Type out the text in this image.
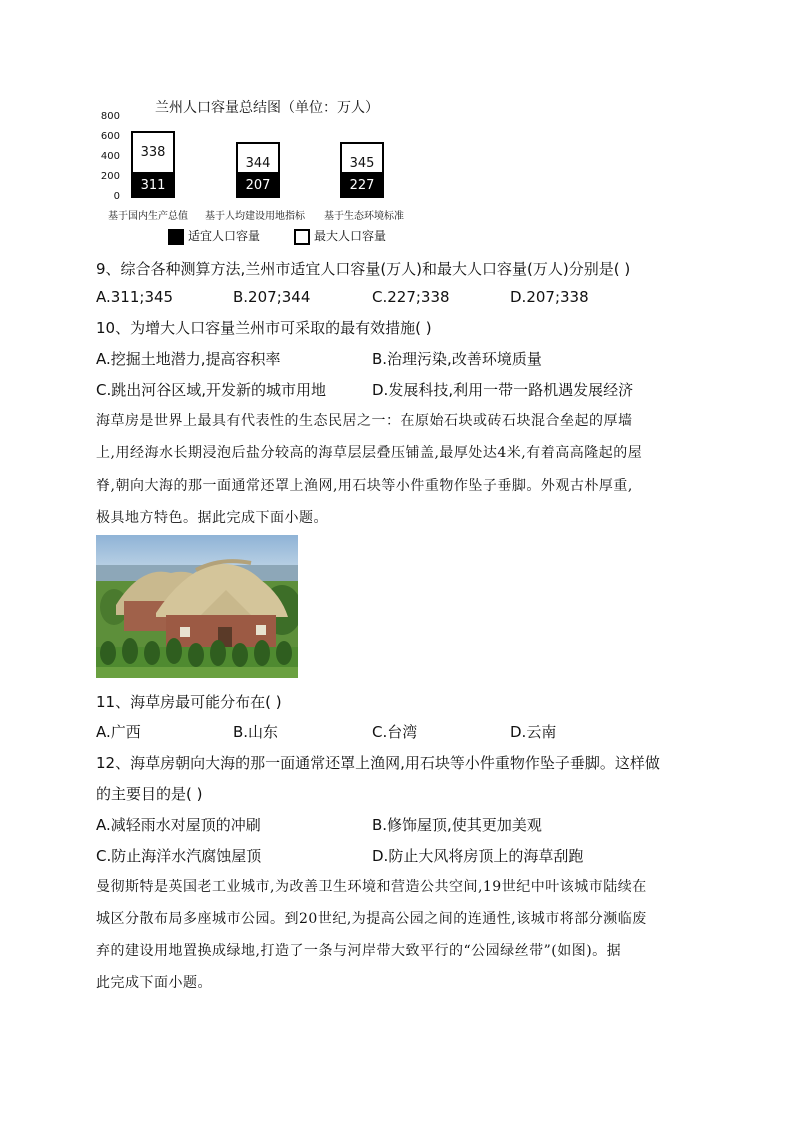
兰州人口容量总结图（单位：万人）
800
600
400
200
0
338
311
344
207
345
227
基于国内生产总值 基于人均建设用地指标 基于生态环境标准
适宜人口容量	最大人口容量
9、综合各种测算方法,兰州市适宜人口容量(万人)和最大人口容量(万人)分别是( )
A.311;345	B.207;344	C.227;338	D.207;338
10、为增大人口容量兰州市可采取的最有效措施( )
A.挖掘土地潜力,提高容积率	B.治理污染,改善环境质量
C.跳出河谷区域,开发新的城市用地	D.发展科技,利用一带一路机遇发展经济
海草房是世界上最具有代表性的生态民居之一：在原始石块或砖石块混合垒起的厚墙
上,用经海水长期浸泡后盐分较高的海草层层叠压铺盖,最厚处达4米,有着高高隆起的屋
脊,朝向大海的那一面通常还罩上渔网,用石块等小件重物作坠子垂脚。外观古朴厚重,
极具地方特色。据此完成下面小题。
11、海草房最可能分布在( )
A.广西	B.山东	C.台湾	D.云南
12、海草房朝向大海的那一面通常还罩上渔网,用石块等小件重物作坠子垂脚。这样做
的主要目的是( )
A.减轻雨水对屋顶的冲刷	B.修饰屋顶,使其更加美观
C.防止海洋水汽腐蚀屋顶	D.防止大风将房顶上的海草刮跑
曼彻斯特是英国老工业城市,为改善卫生环境和营造公共空间,19世纪中叶该城市陆续在
城区分散布局多座城市公园。到20世纪,为提高公园之间的连通性,该城市将部分濒临废
弃的建设用地置换成绿地,打造了一条与河岸带大致平行的“公园绿丝带”(如图)。据
此完成下面小题。
